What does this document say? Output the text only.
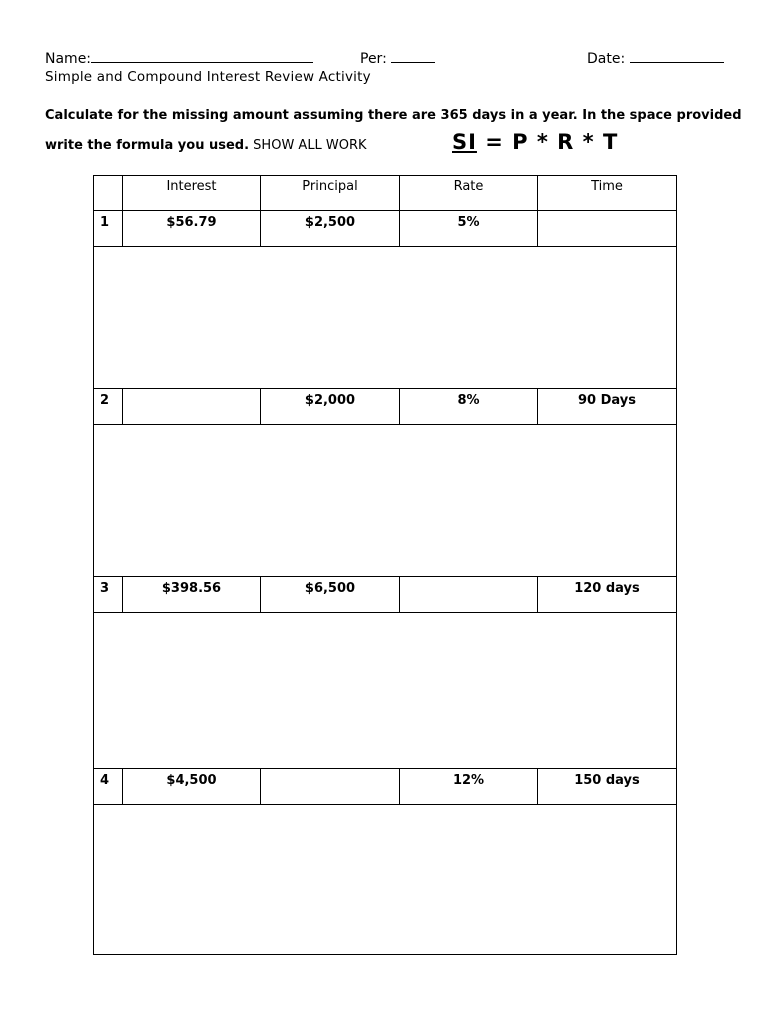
Name:	Per:	Date:
Simple and Compound Interest Review Activity
Calculate for the missing amount assuming there are 365 days in a year. In the space provided
write the formula you used. SHOW ALL WORK	SI = P * R * T
	Interest	Principal	Rate	Time
1	$56.79	$2,500	5%	

2		$2,000	8%	90 Days

3	$398.56	$6,500		120 days

4	$4,500		12%	150 days
